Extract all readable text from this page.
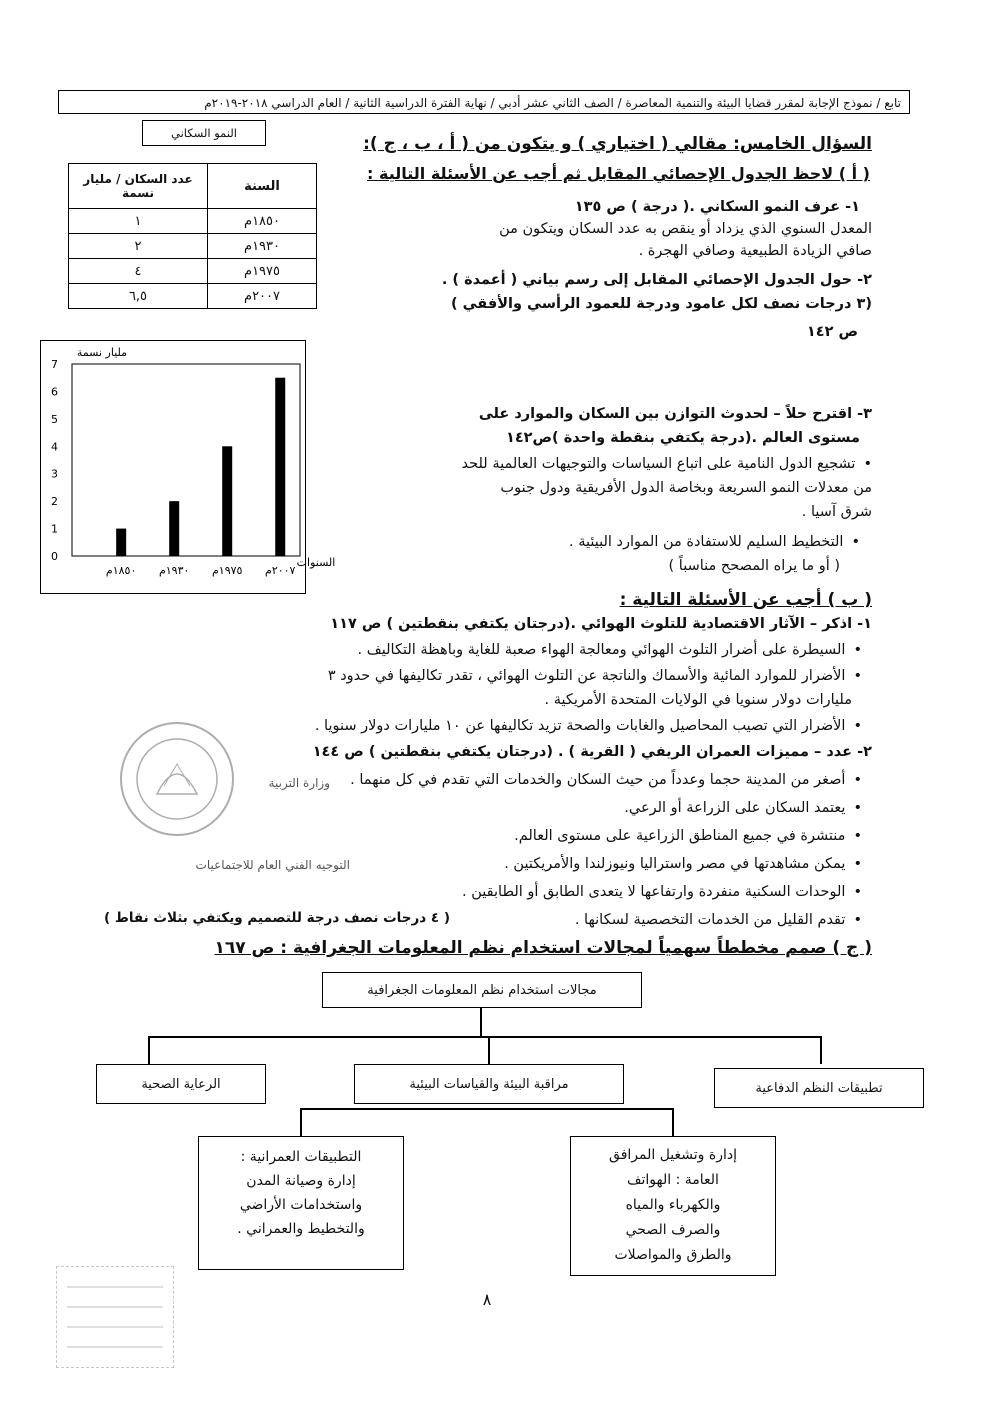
تابع / نموذج الإجابة لمقرر قضايا البيئة والتنمية المعاصرة / الصف الثاني عشر أدبي / نهاية الفترة الدراسية الثانية / العام الدراسي ٢٠١٨-٢٠١٩م
السؤال الخامس: مقالي ( اختياري ) و يتكون من ( أ ، ب ، ج ):
( أ ) لاحظ الجدول الإحصائي المقابل ثم أجب عن الأسئلة التالية :
١- عرف النمو السكاني .( درجة ) ص ١٣٥
المعدل السنوي الذي يزداد أو ينقص به عدد السكان ويتكون من
صافي الزيادة الطبيعية وصافي الهجرة .
٢- حول الجدول الإحصائي المقابل إلى رسم بياني ( أعمدة ) .
(٣ درجات نصف لكل عامود ودرجة للعمود الرأسي والأفقي )
ص ١٤٢
٣- اقترح حلاً – لحدوث التوازن بين السكان والموارد على
مستوى العالم .(درجة يكتفي بنقطة واحدة )ص١٤٢
• تشجيع الدول النامية على اتباع السياسات والتوجيهات العالمية للحد
من معدلات النمو السريعة وبخاصة الدول الأفريقية ودول جنوب
شرق آسيا .
• التخطيط السليم للاستفادة من الموارد البيئية .
( أو ما يراه المصحح مناسباً )
النمو السكاني
السنة	عدد السكان / مليار نسمة
١٨٥٠م	١
١٩٣٠م	٢
١٩٧٥م	٤
٢٠٠٧م	٦,٥
0
1
2
3
4
5
6
7
١٨٥٠م ١٩٣٠م ١٩٧٥م ٢٠٠٧م
مليار نسمة
السنوات
( ب ) أجب عن الأسئلة التالية :
١- اذكر – الآثار الاقتصادية للتلوث الهوائي .(درجتان يكتفي بنقطتين ) ص ١١٧
• السيطرة على أضرار التلوث الهوائي ومعالجة الهواء صعبة للغاية وباهظة التكاليف .
• الأضرار للموارد المائية والأسماك والناتجة عن التلوث الهوائي ، تقدر تكاليفها في حدود ٣
مليارات دولار سنويا في الولايات المتحدة الأمريكية .
• الأضرار التي تصيب المحاصيل والغابات والصحة تزيد تكاليفها عن ١٠ مليارات دولار سنويا .
٢- عدد – مميزات العمران الريفي ( القرية ) . (درجتان يكتفي بنقطتين ) ص ١٤٤
• أصغر من المدينة حجما وعدداً من حيث السكان والخدمات التي تقدم في كل منهما .
• يعتمد السكان على الزراعة أو الرعي.
• منتشرة في جميع المناطق الزراعية على مستوى العالم.
• يمكن مشاهدتها في مصر واستراليا ونيوزلندا والأمريكتين .
• الوحدات السكنية منفردة وارتفاعها لا يتعدى الطابق أو الطابقين .
• تقدم القليل من الخدمات التخصصية لسكانها .
( ٤ درجات نصف درجة للتصميم ويكتفي بثلاث نقاط )
( ج ) صمم مخططاً سهمياً لمجالات استخدام نظم المعلومات الجغرافية : ص ١٦٧
مجالات استخدام نظم المعلومات الجغرافية
الرعاية الصحية	مراقبة البيئة والقياسات البيئية	تطبيقات النظم الدفاعية
التطبيقات العمرانية :
إدارة وصيانة المدن
واستخدامات الأراضي
والتخطيط والعمراني .
إدارة وتشغيل المرافق
العامة : الهواتف
والكهرباء والمياه
والصرف الصحي
والطرق والمواصلات
وزارة التربية
التوجيه الفني العام للاجتماعيات
٨
